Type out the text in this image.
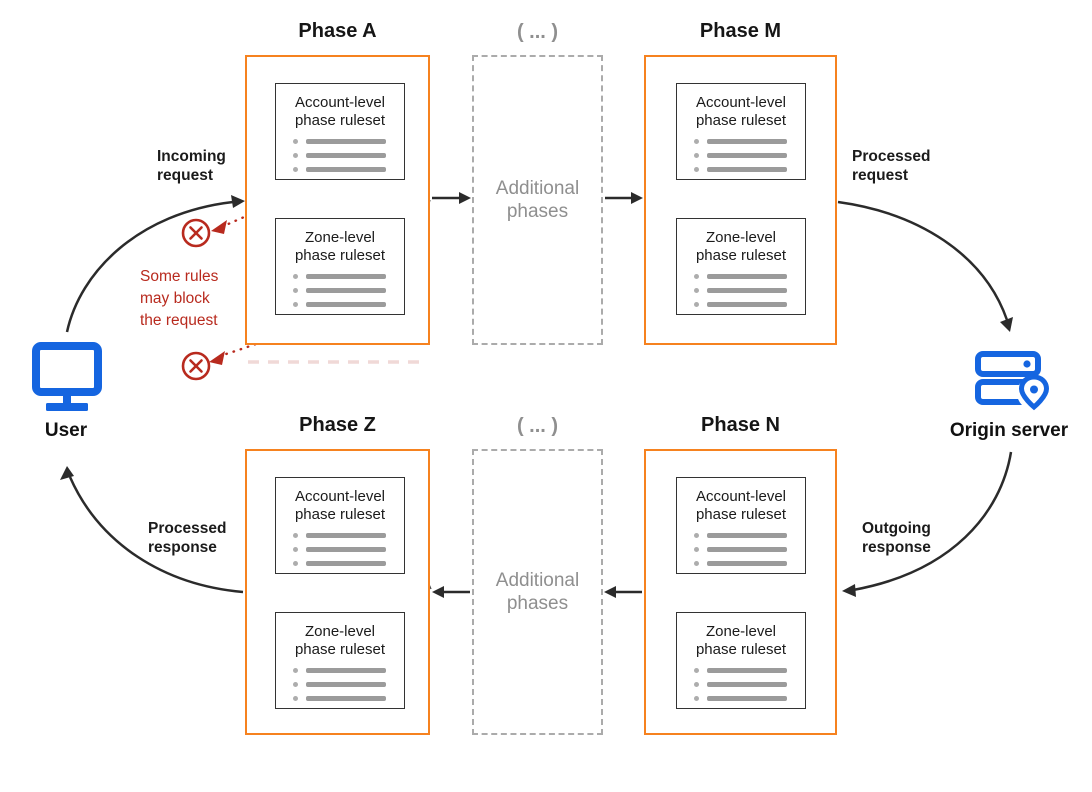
Phase A	( ... )	Phase M
Phase Z	( ... )	Phase N
Account-level
phase ruleset
Zone-level
phase ruleset
Additional
phases
Account-level
phase ruleset
Zone-level
phase ruleset
Account-level
phase ruleset
Zone-level
phase ruleset
Additional
phases
Account-level
phase ruleset
Zone-level
phase ruleset
Incoming
request
Processed
request
Outgoing
response
Processed
response
Some rules
may block
the request
User	Origin server
